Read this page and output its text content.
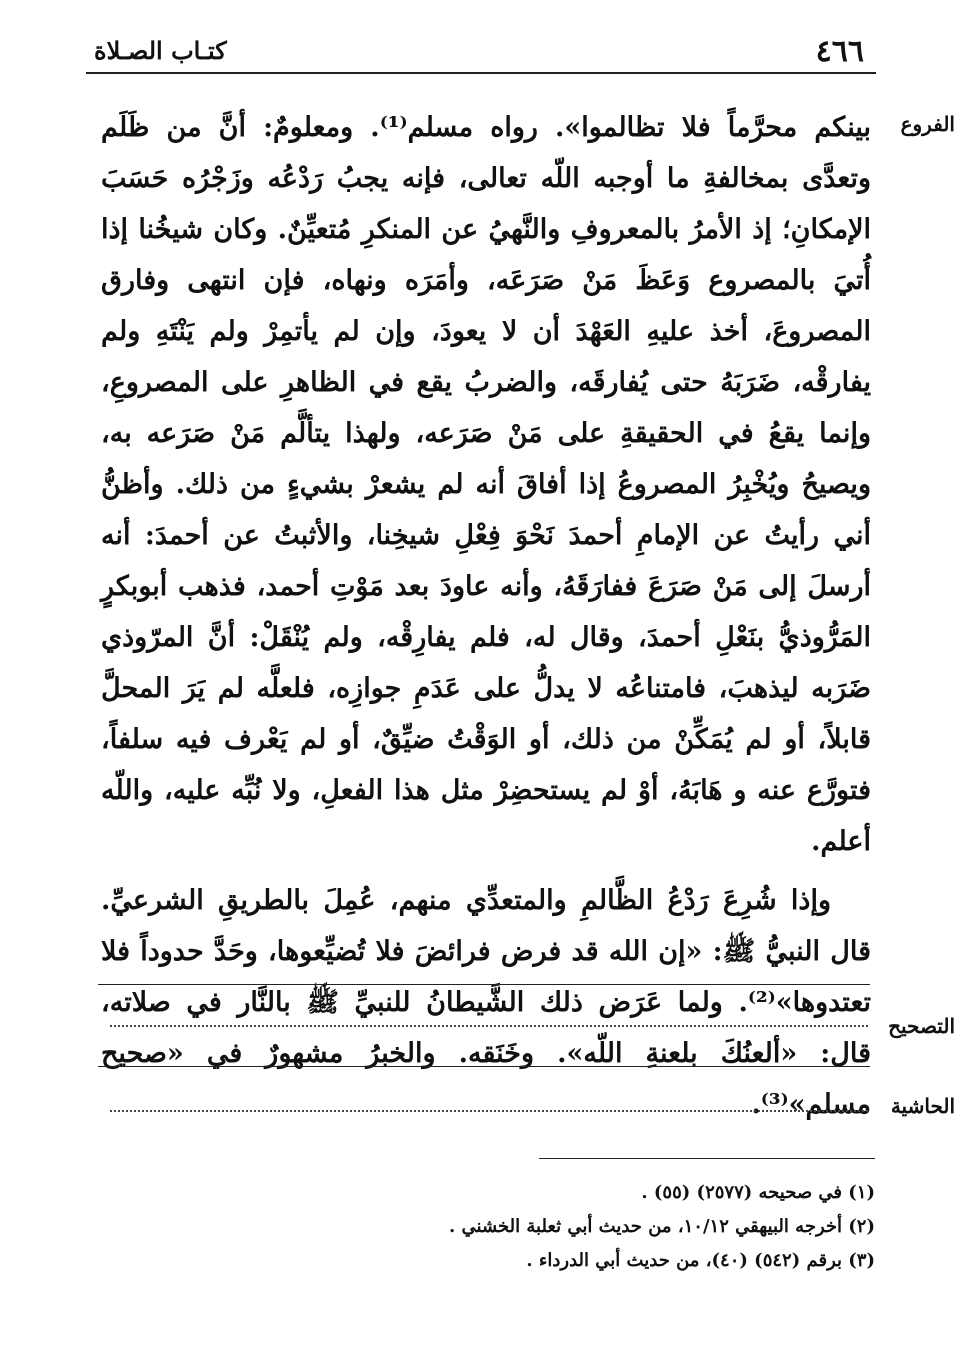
٤٦٦
كتـاب الصـلاة
الفروع

بينكم محرَّماً فلا تظالموا». رواه مسلم⁽¹⁾. ومعلومٌ: أنَّ من ظَلَم وتعدَّى بمخالفةِ ما أوجبه اللّه تعالى، فإنه يجبُ رَدْعُه وزَجْرُه حَسَبَ الإمكانِ؛ إذ الأمرُ بالمعروفِ والنَّهيُ عن المنكرِ مُتعيِّنٌ. وكان شيخُنا إذا أُتيَ بالمصروع وَعَظَ مَنْ صَرَعَه، وأمَرَه ونهاه، فإن انتهى وفارق المصروعَ، أخذ عليهِ العَهْدَ أن لا يعودَ، وإن لم يأتمِرْ ولم يَنْتَهِ ولم يفارقْه، ضَرَبَهُ حتى يُفارقَه، والضربُ يقع في الظاهرِ على المصروعِ، وإنما يقعُ في الحقيقةِ على مَنْ صَرَعه، ولهذا يتألَّم مَنْ صَرَعه به، ويصيحُ ويُخْبِرُ المصروعُ إذا أفاقَ أنه لم يشعرْ بشيءٍ من ذلك. وأظنُّ أني رأيتُ عن الإمامِ أحمدَ نَحْوَ فِعْلِ شيخِنا، والأثبتُ عن أحمدَ: أنه أرسلَ إلى مَنْ صَرَعَ ففارَقَهُ، وأنه عاودَ بعد مَوْتِ أحمد، فذهب أبوبكرٍ المَرُّوذيُّ بنَعْلِ أحمدَ، وقال له، فلم يفارِقْه، ولم يُنْقَلْ: أنَّ المرّوذي ضَرَبه ليذهبَ، فامتناعُه لا يدلُّ على عَدَمِ جوازِه، فلعلَّه لم يَرَ المحلَّ قابلاً، أو لم يُمَكِّنْ من ذلك، أو الوَقْتُ ضيِّقٌ، أو لم يَعْرف فيه سلفاً، فتورَّع عنه و هَابَهُ، أوْ لم يستحضِرْ مثل هذا الفعلِ، ولا نُبِّه عليه، واللّه أعلم.

وإذا شُرِعَ رَدْعُ الظَّالمِ والمتعدِّي منهم، عُمِلَ بالطريقِ الشرعيِّ. قال النبيُّ ﷺ: «إن الله قد فرض فرائضَ فلا تُضيِّعوها، وحَدَّ حدوداً فلا تعتدوها»⁽²⁾. ولما عَرَض ذلك الشَّيطانُ للنبيِّ ﷺ بالنَّار في صلاته، قال: «ألعنُكَ بلعنةِ اللّه». وخَنَقه. والخبرُ مشهورٌ في «صحيح مسلم»⁽³⁾.

التصحيح
الحاشية
(١) في صحيحه (٢٥٧٧) (٥٥) .
(٢) أخرجه البيهقي ١٠/١٢، من حديث أبي ثعلبة الخشني .
(٣) برقم (٥٤٢) (٤٠)، من حديث أبي الدرداء .
